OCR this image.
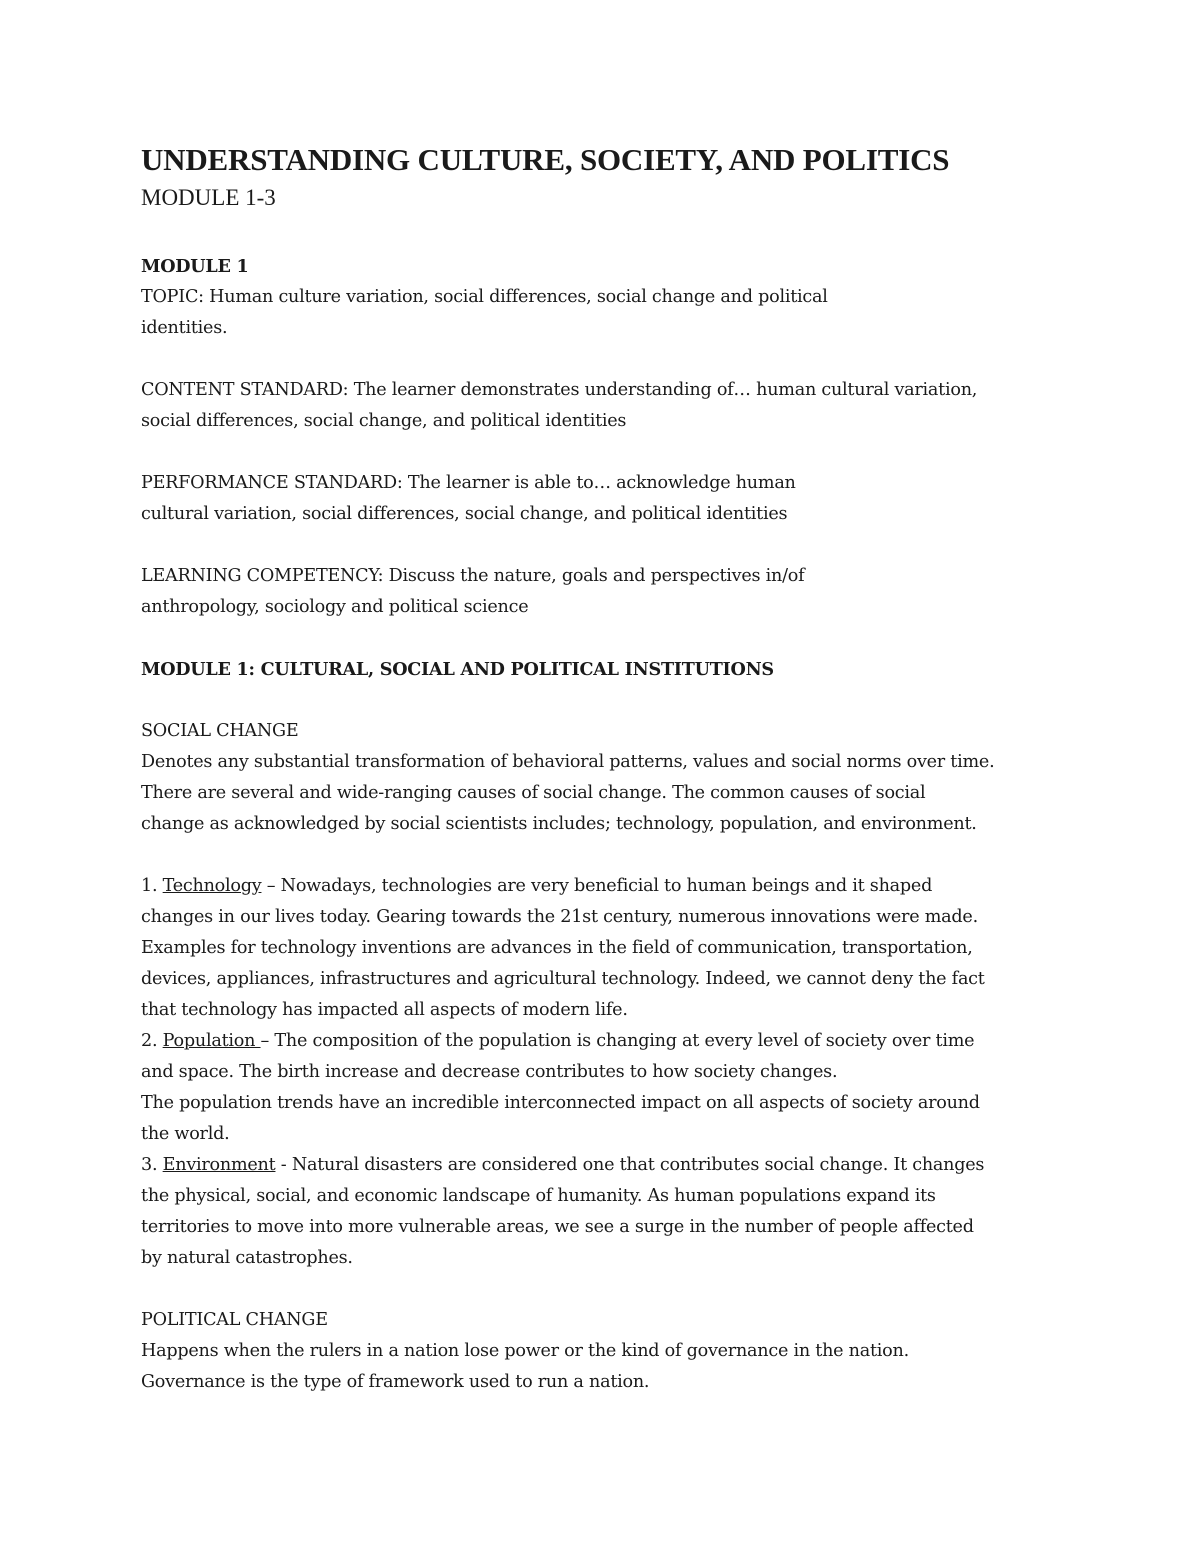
UNDERSTANDING CULTURE, SOCIETY, AND POLITICS
MODULE 1-3

MODULE 1

TOPIC: Human culture variation, social differences, social change and political

identities.

CONTENT STANDARD: The learner demonstrates understanding of… human cultural variation,

social differences, social change, and political identities

PERFORMANCE STANDARD: The learner is able to… acknowledge human

cultural variation, social differences, social change, and political identities

LEARNING COMPETENCY: Discuss the nature, goals and perspectives in/of

anthropology, sociology and political science

MODULE 1: CULTURAL, SOCIAL AND POLITICAL INSTITUTIONS

SOCIAL CHANGE

Denotes any substantial transformation of behavioral patterns, values and social norms over time.

There are several and wide-ranging causes of social change. The common causes of social

change as acknowledged by social scientists includes; technology, population, and environment.

1. Technology – Nowadays, technologies are very beneficial to human beings and it shaped

changes in our lives today. Gearing towards the 21st century, numerous innovations were made.

Examples for technology inventions are advances in the field of communication, transportation,

devices, appliances, infrastructures and agricultural technology. Indeed, we cannot deny the fact

that technology has impacted all aspects of modern life.

2. Population – The composition of the population is changing at every level of society over time

and space. The birth increase and decrease contributes to how society changes.

The population trends have an incredible interconnected impact on all aspects of society around

the world.

3. Environment - Natural disasters are considered one that contributes social change. It changes

the physical, social, and economic landscape of humanity. As human populations expand its

territories to move into more vulnerable areas, we see a surge in the number of people affected

by natural catastrophes.

POLITICAL CHANGE

Happens when the rulers in a nation lose power or the kind of governance in the nation.

Governance is the type of framework used to run a nation.
